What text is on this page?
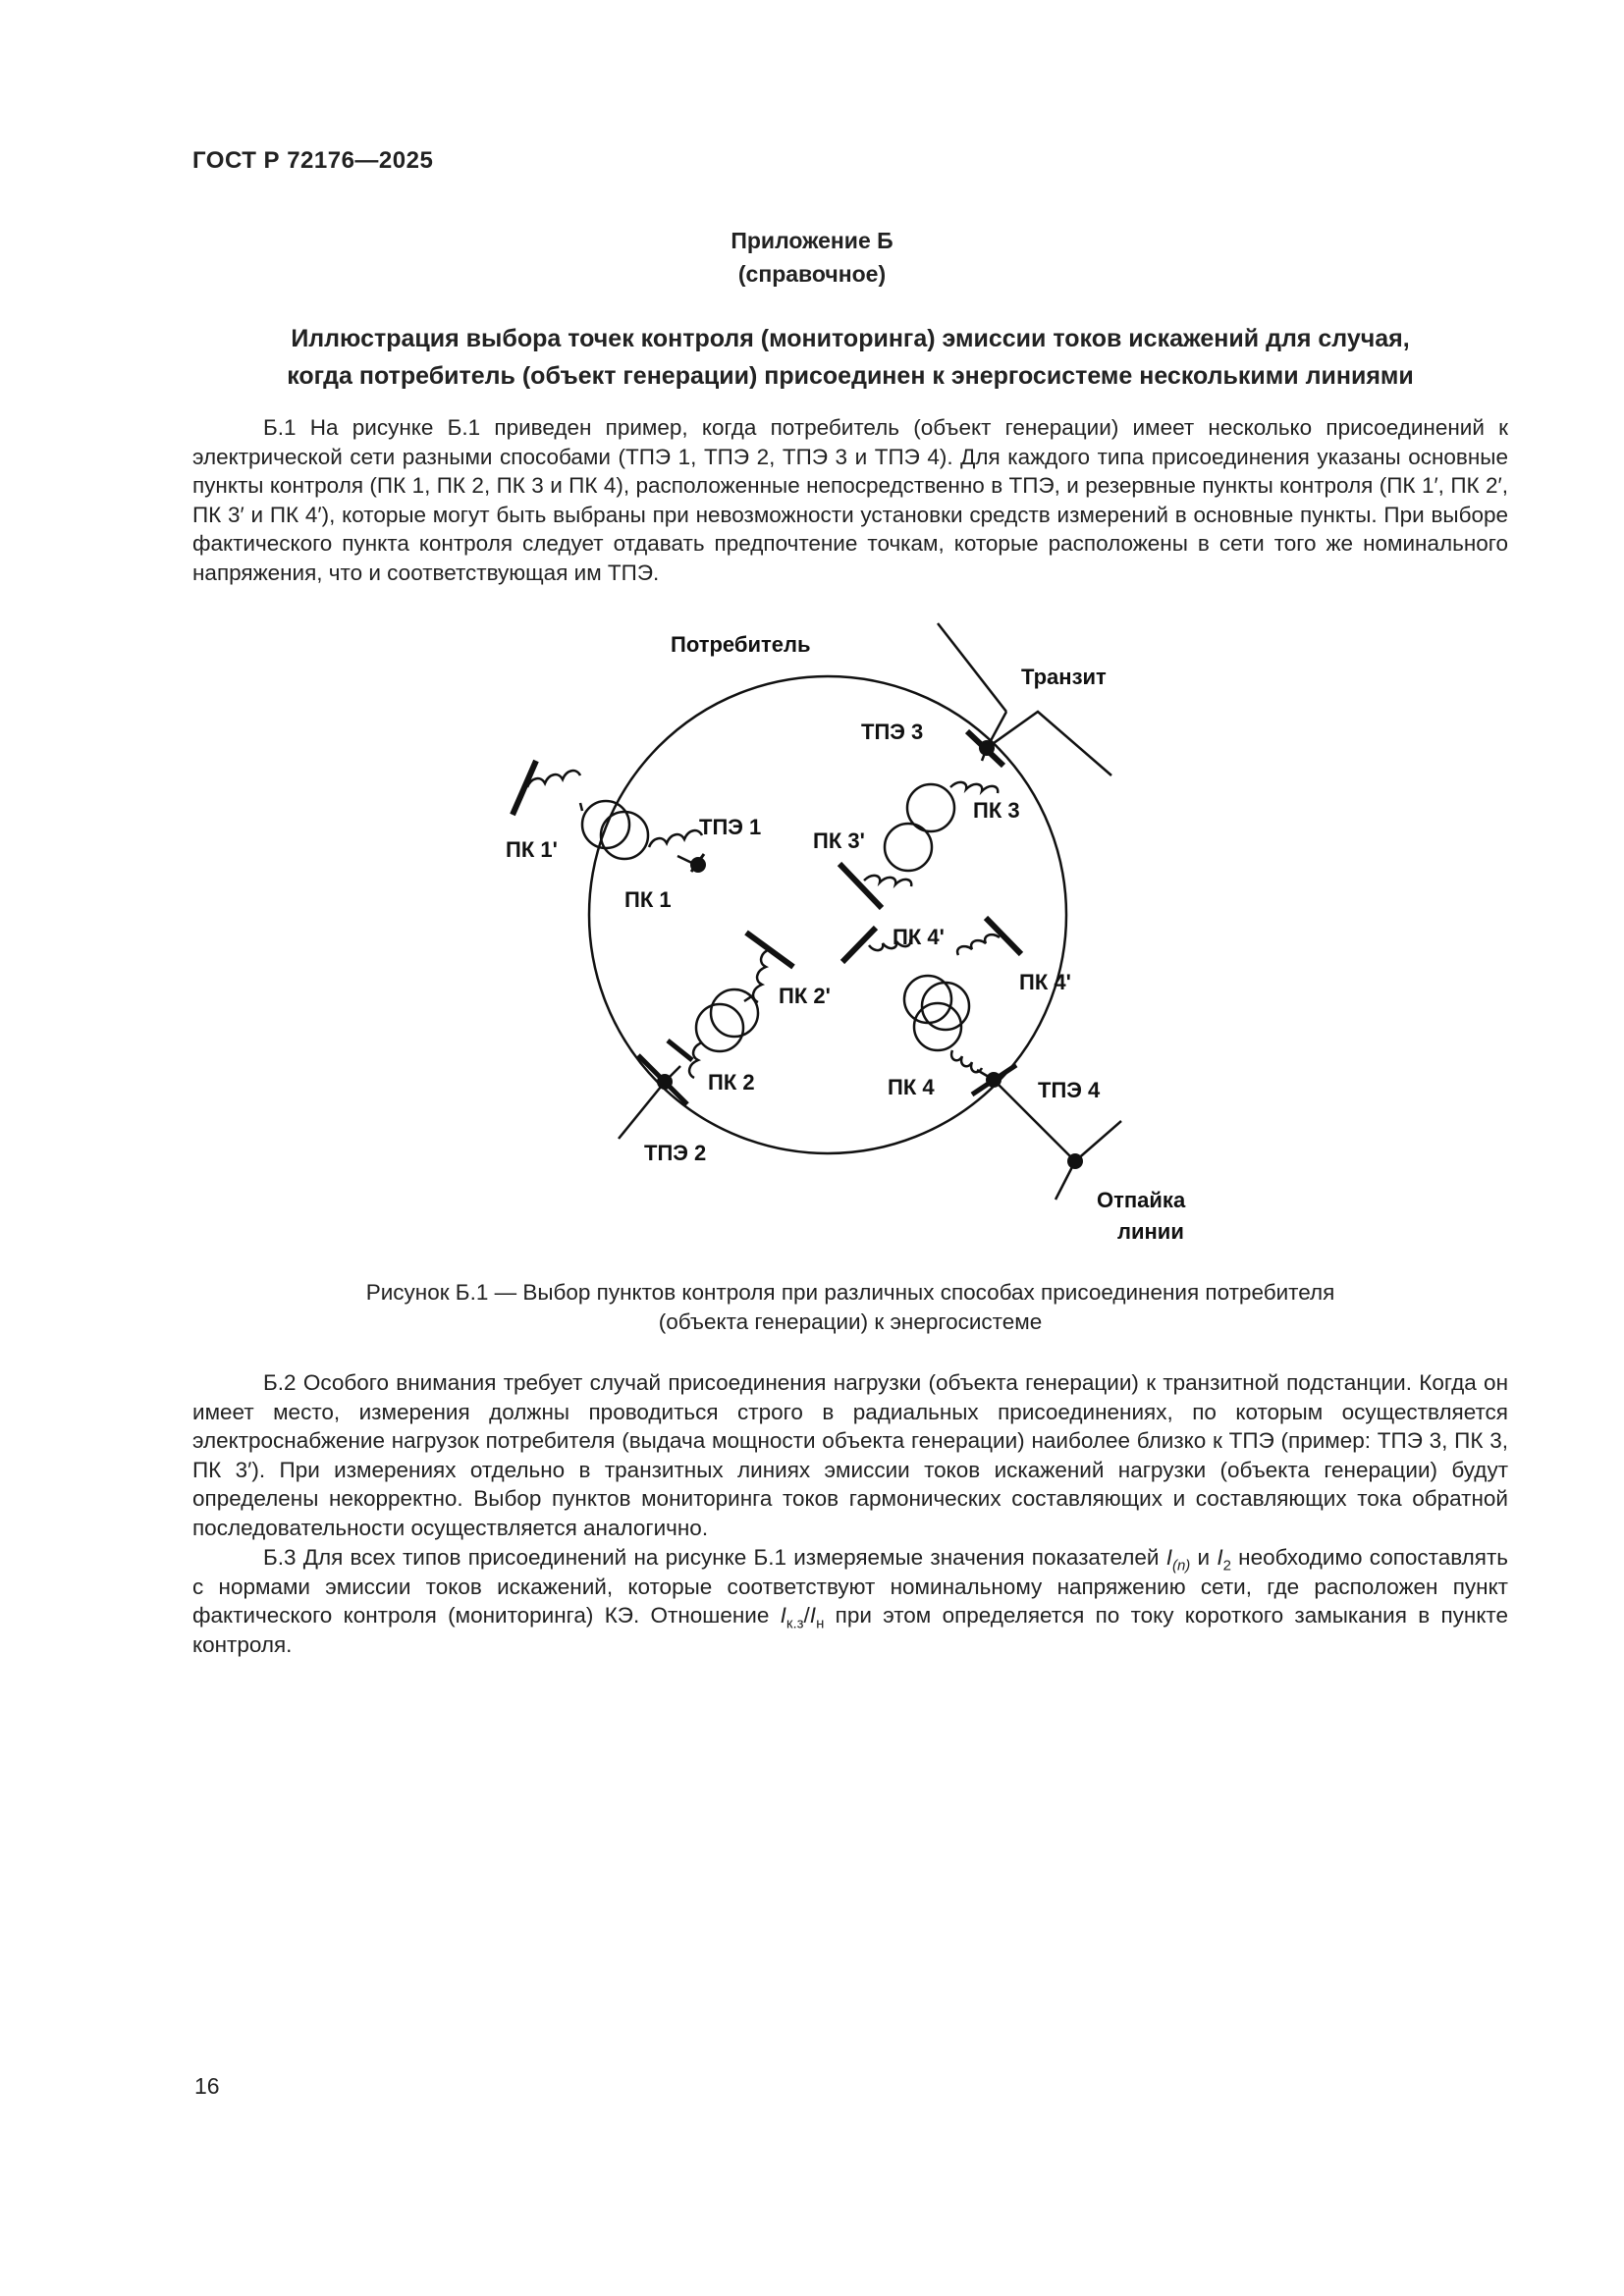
ГОСТ Р 72176—2025
Приложение Б
(справочное)
Иллюстрация выбора точек контроля (мониторинга) эмиссии токов искажений для случая,
когда потребитель (объект генерации) присоединен к энергосистеме несколькими линиями

Б.1 На рисунке Б.1 приведен пример, когда потребитель (объект генерации) имеет несколько присоединений к электрической сети разными способами (ТПЭ 1, ТПЭ 2, ТПЭ 3 и ТПЭ 4). Для каждого типа присоединения указаны основные пункты контроля (ПК 1, ПК 2, ПК 3 и ПК 4), расположенные непосредственно в ТПЭ, и резервные пункты контроля (ПК 1′, ПК 2′, ПК 3′ и ПК 4′), которые могут быть выбраны при невозможности установки средств измерений в основные пункты. При выборе фактического пункта контроля следует отдавать предпочтение точкам, которые расположены в сети того же номинального напряжения, что и соответствующая им ТПЭ.

Потребитель
Транзит
ТПЭ 3
ТПЭ 1
ПК 1'
ПК 1
ПК 3'
ПК 3
ПК 4'
ПК 2'
ПК 4'
ПК 2	ПК 4	ТПЭ 4
ТПЭ 2
Отпайка
линии
Рисунок Б.1 — Выбор пунктов контроля при различных способах присоединения потребителя
(объекта генерации) к энергосистеме

Б.2 Особого внимания требует случай присоединения нагрузки (объекта генерации) к транзитной подстанции. Когда он имеет место, измерения должны проводиться строго в радиальных присоединениях, по которым осуществляется электроснабжение нагрузок потребителя (выдача мощности объекта генерации) наиболее близко к ТПЭ (пример: ТПЭ 3, ПК 3, ПК 3′). При измерениях отдельно в транзитных линиях эмиссии токов искажений нагрузки (объекта генерации) будут определены некорректно. Выбор пунктов мониторинга токов гармонических составляющих и составляющих тока обратной последовательности осуществляется аналогично.

Б.3 Для всех типов присоединений на рисунке Б.1 измеряемые значения показателей $I_{(n)}$ и $I_2$ необходимо сопоставлять с нормами эмиссии токов искажений, которые соответствуют номинальному напряжению сети, где расположен пункт фактического контроля (мониторинга) КЭ. Отношение $I_{к.з}/I_н$ при этом определяется по току короткого замыкания в пункте контроля.

16
